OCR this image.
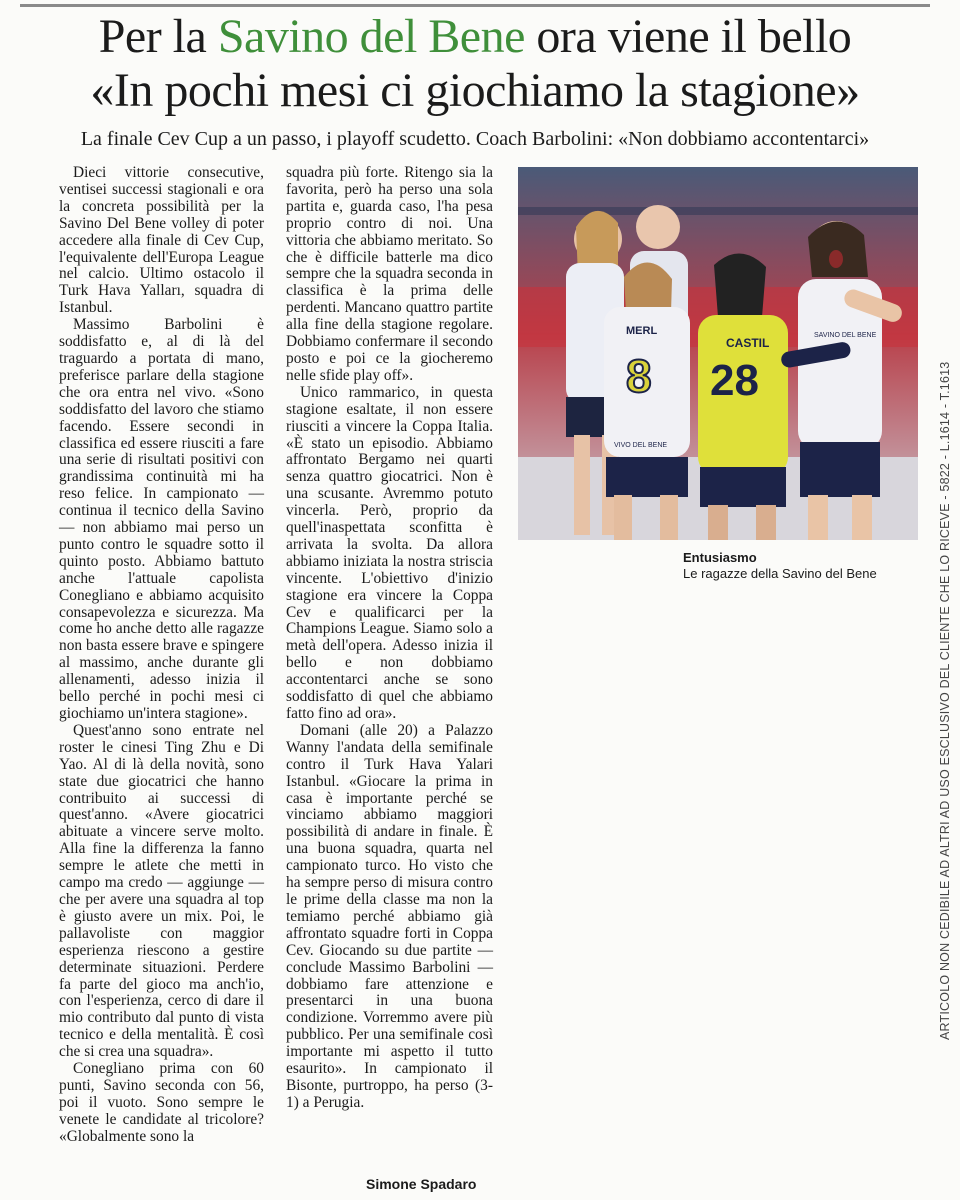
Per la Savino del Bene ora viene il bello
«In pochi mesi ci giochiamo la stagione»
La finale Cev Cup a un passo, i playoff scudetto. Coach Barbolini: «Non dobbiamo accontentarci»

Dieci vittorie consecutive, ventisei successi stagionali e ora la concreta possibilità per la Savino Del Bene volley di poter accedere alla finale di Cev Cup, l'equivalente dell'Europa League nel calcio. Ultimo ostacolo il Turk Hava Yalları, squadra di Istanbul.

Massimo Barbolini è soddisfatto e, al di là del traguardo a portata di mano, preferisce parlare della stagione che ora entra nel vivo. «Sono soddisfatto del lavoro che stiamo facendo. Essere secondi in classifica ed essere riusciti a fare una serie di risultati positivi con grandissima continuità mi ha reso felice. In campionato — continua il tecnico della Savino — non abbiamo mai perso un punto contro le squadre sotto il quinto posto. Abbiamo battuto anche l'attuale capolista Conegliano e abbiamo acquisito consapevolezza e sicurezza. Ma come ho anche detto alle ragazze non basta essere brave e spingere al massimo, anche durante gli allenamenti, adesso inizia il bello perché in pochi mesi ci giochiamo un'intera stagione».

Quest'anno sono entrate nel roster le cinesi Ting Zhu e Di Yao. Al di là della novità, sono state due giocatrici che hanno contribuito ai successi di quest'anno. «Avere giocatrici abituate a vincere serve molto. Alla fine la differenza la fanno sempre le atlete che metti in campo ma credo — aggiunge — che per avere una squadra al top è giusto avere un mix. Poi, le pallavoliste con maggior esperienza riescono a gestire determinate situazioni. Perdere fa parte del gioco ma anch'io, con l'esperienza, cerco di dare il mio contributo dal punto di vista tecnico e della mentalità. È così che si crea una squadra».

Conegliano prima con 60 punti, Savino seconda con 56, poi il vuoto. Sono sempre le venete le candidate al tricolore? «Globalmente sono la

squadra più forte. Ritengo sia la favorita, però ha perso una sola partita e, guarda caso, l'ha pesa proprio contro di noi. Una vittoria che abbiamo meritato. So che è difficile batterle ma dico sempre che la squadra seconda in classifica è la prima delle perdenti. Mancano quattro partite alla fine della stagione regolare. Dobbiamo confermare il secondo posto e poi ce la giocheremo nelle sfide play off».

Unico rammarico, in questa stagione esaltate, il non essere riusciti a vincere la Coppa Italia. «È stato un episodio. Abbiamo affrontato Bergamo nei quarti senza quattro giocatrici. Non è una scusante. Avremmo potuto vincerla. Però, proprio da quell'inaspettata sconfitta è arrivata la svolta. Da allora abbiamo iniziata la nostra striscia vincente. L'obiettivo d'inizio stagione era vincere la Coppa Cev e qualificarci per la Champions League. Siamo solo a metà dell'opera. Adesso inizia il bello e non dobbiamo accontentarci anche se sono soddisfatto di quel che abbiamo fatto fino ad ora».

Domani (alle 20) a Palazzo Wanny l'andata della semifinale contro il Turk Hava Yalari Istanbul. «Giocare la prima in casa è importante perché se vinciamo abbiamo maggiori possibilità di andare in finale. È una buona squadra, quarta nel campionato turco. Ho visto che ha sempre perso di misura contro le prime della classe ma non la temiamo perché abbiamo già affrontato squadre forti in Coppa Cev. Giocando su due partite — conclude Massimo Barbolini — dobbiamo fare attenzione e presentarci in una buona condizione. Vorremmo avere più pubblico. Per una semifinale così importante mi aspetto il tutto esaurito». In campionato il Bisonte, purtroppo, ha perso (3-1) a Perugia.

8
MERL
VIVO DEL BENE
28
CASTIL
SAVINO DEL BENE
Entusiasmo
Le ragazze della Savino del Bene
Simone Spadaro
ARTICOLO NON CEDIBILE AD ALTRI AD USO ESCLUSIVO DEL CLIENTE CHE LO RICEVE - 5822 - L.1614 - T.1613
